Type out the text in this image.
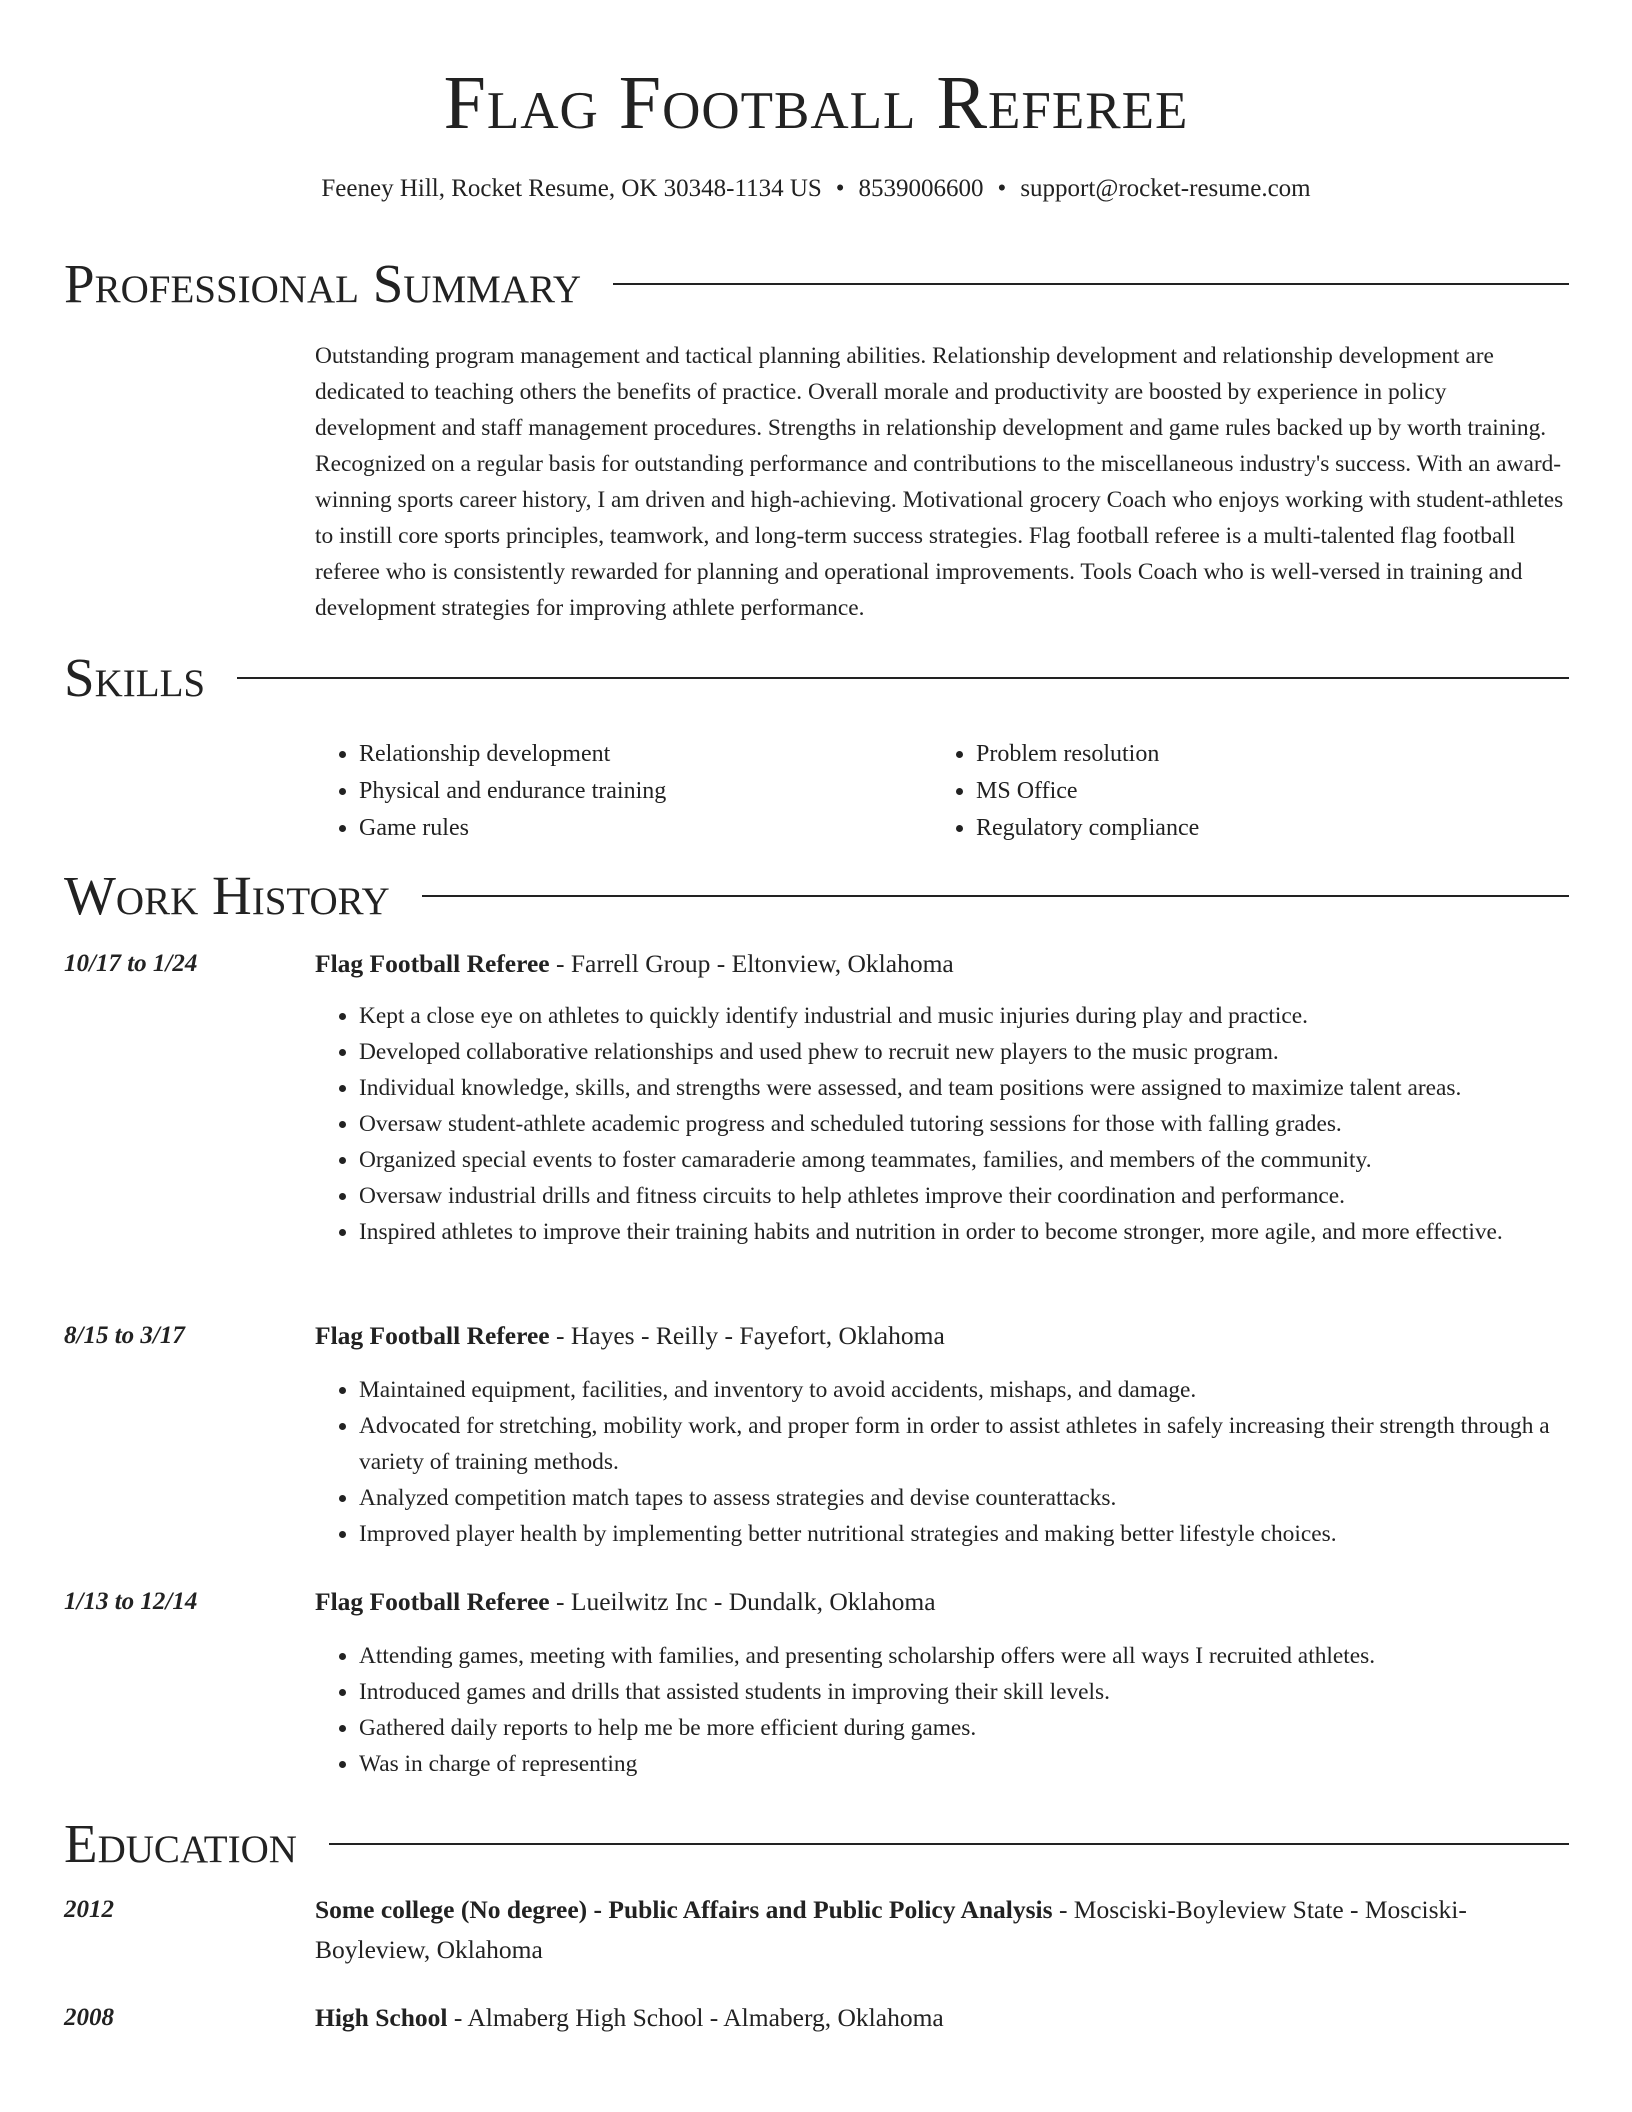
Flag Football Referee
Feeney Hill, Rocket Resume, OK 30348-1134 US • 8539006600 • support@rocket-resume.com
Professional Summary
Outstanding program management and tactical planning abilities. Relationship development and relationship development are dedicated to teaching others the benefits of practice. Overall morale and productivity are boosted by experience in policy development and staff management procedures. Strengths in relationship development and game rules backed up by worth training. Recognized on a regular basis for outstanding performance and contributions to the miscellaneous industry's success. With an award-winning sports career history, I am driven and high-achieving. Motivational grocery Coach who enjoys working with student-athletes to instill core sports principles, teamwork, and long-term success strategies. Flag football referee is a multi-talented flag football referee who is consistently rewarded for planning and operational improvements. Tools Coach who is well-versed in training and development strategies for improving athlete performance.
Skills
• Relationship development
• Physical and endurance training
• Game rules
• Problem resolution
• MS Office
• Regulatory compliance
Work History
10/17 to 1/24	Flag Football Referee - Farrell Group - Eltonview, Oklahoma
• Kept a close eye on athletes to quickly identify industrial and music injuries during play and practice.
• Developed collaborative relationships and used phew to recruit new players to the music program.
• Individual knowledge, skills, and strengths were assessed, and team positions were assigned to maximize talent areas.
• Oversaw student-athlete academic progress and scheduled tutoring sessions for those with falling grades.
• Organized special events to foster camaraderie among teammates, families, and members of the community.
• Oversaw industrial drills and fitness circuits to help athletes improve their coordination and performance.
• Inspired athletes to improve their training habits and nutrition in order to become stronger, more agile, and more effective.
8/15 to 3/17	Flag Football Referee - Hayes - Reilly - Fayefort, Oklahoma
• Maintained equipment, facilities, and inventory to avoid accidents, mishaps, and damage.
• Advocated for stretching, mobility work, and proper form in order to assist athletes in safely increasing their strength through a variety of training methods.
• Analyzed competition match tapes to assess strategies and devise counterattacks.
• Improved player health by implementing better nutritional strategies and making better lifestyle choices.
1/13 to 12/14	Flag Football Referee - Lueilwitz Inc - Dundalk, Oklahoma
• Attending games, meeting with families, and presenting scholarship offers were all ways I recruited athletes.
• Introduced games and drills that assisted students in improving their skill levels.
• Gathered daily reports to help me be more efficient during games.
• Was in charge of representing
Education
2012	Some college (No degree) - Public Affairs and Public Policy Analysis - Mosciski-Boyleview State - Mosciski-Boyleview, Oklahoma
2008	High School - Almaberg High School - Almaberg, Oklahoma
